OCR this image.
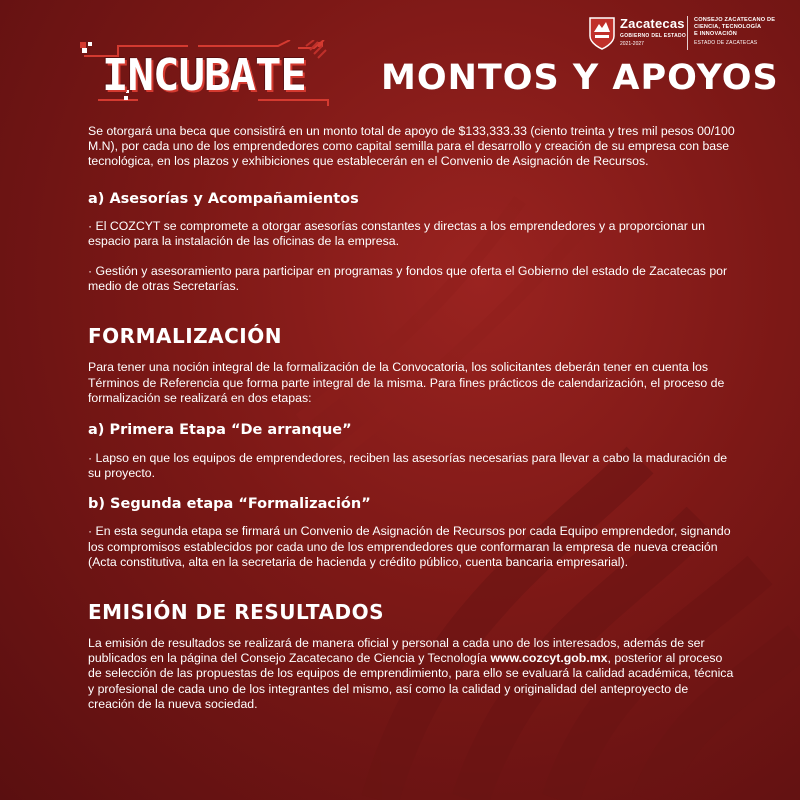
Zacatecas
GOBIERNO DEL ESTADO
2021-2027
CONSEJO ZACATECANO DE
CIENCIA, TECNOLOGÍA
E INNOVACIÓN
ESTADO DE ZACATECAS
INCUBATE MONTOS Y APOYOS

Se otorgará una beca que consistirá en un monto total de apoyo de $133,333.33 (ciento treinta y tres mil pesos 00/100 M.N), por cada uno de los emprendedores como capital semilla para el desarrollo y creación de su empresa con base tecnológica, en los plazos y exhibiciones que establecerán en el Convenio de Asignación de Recursos.

a) Asesorías y Acompañamientos

· El COZCYT se compromete a otorgar asesorías constantes y directas a los emprendedores y a proporcionar un espacio para la instalación de las oficinas de la empresa.

· Gestión y asesoramiento para participar en programas y fondos que oferta el Gobierno del estado de Zacatecas por medio de otras Secretarías.

FORMALIZACIÓN

Para tener una noción integral de la formalización de la Convocatoria, los solicitantes deberán tener en cuenta los Términos de Referencia que forma parte integral de la misma. Para fines prácticos de calendarización, el proceso de formalización se realizará en dos etapas:

a) Primera Etapa “De arranque”

· Lapso en que los equipos de emprendedores, reciben las asesorías necesarias para llevar a cabo la maduración de su proyecto.

b) Segunda etapa “Formalización”

· En esta segunda etapa se firmará un Convenio de Asignación de Recursos por cada Equipo emprendedor, signando los compromisos establecidos por cada uno de los emprendedores que conformaran la empresa de nueva creación (Acta constitutiva, alta en la secretaria de hacienda y crédito público, cuenta bancaria empresarial).

EMISIÓN DE RESULTADOS

La emisión de resultados se realizará de manera oficial y personal a cada uno de los interesados, además de ser publicados en la página del Consejo Zacatecano de Ciencia y Tecnología www.cozcyt.gob.mx, posterior al proceso de selección de las propuestas de los equipos de emprendimiento, para ello se evaluará la calidad académica, técnica y profesional de cada uno de los integrantes del mismo, así como la calidad y originalidad del anteproyecto de creación de la nueva sociedad.
